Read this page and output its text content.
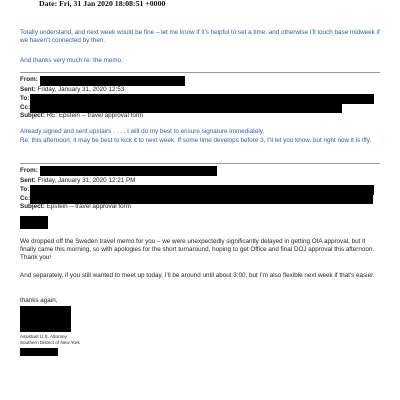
Date: Fri, 31 Jan 2020 18:08:51 +0000
Totally understand, and next week would be fine – let me know if it’s helpful to set a time, and otherwise I’ll touch base midweek if we haven’t connected by then.
And thanks very much re: the memo.
From:
Sent: Friday, January 31, 2020 12:53
To:
Cc:
Subject: RE: Epstein -- travel approval form
Already signed and sent upstairs . . . . I will do my best to ensure signature immediately.
Re: this afternoon: it may be best to kick it to next week. If some time develops before 3, I’ll let you know, but right now it is iffy.
From:
Sent: Friday, January 31, 2020 12:21 PM
To:
Cc:
Subject: Epstein -- travel approval form
We dropped off the Sweden travel memo for you – we were unexpectedly significantly delayed in getting OIA approval, but it finally came this morning, so with apologies for the short turnaround, hoping to get Office and final DOJ approval this afternoon. Thank you!
And separately, if you still wanted to meet up today, I’ll be around until about 3:00, but I’m also flexible next week if that’s easier.
thanks again,
Assistant U.S. Attorney
Southern District of New York
